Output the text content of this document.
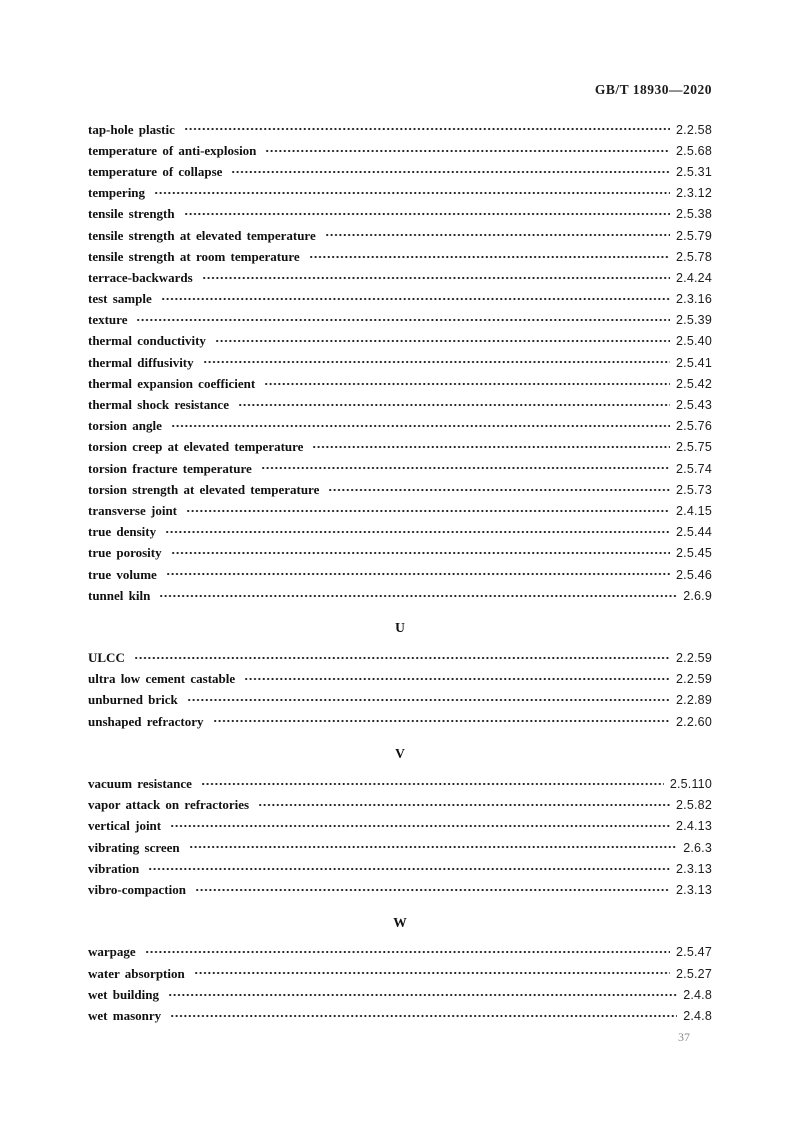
GB/T 18930—2020
tap-hole plastic	2.2.58
temperature of anti-explosion	2.5.68
temperature of collapse	2.5.31
tempering	2.3.12
tensile strength	2.5.38
tensile strength at elevated temperature	2.5.79
tensile strength at room temperature	2.5.78
terrace-backwards	2.4.24
test sample	2.3.16
texture	2.5.39
thermal conductivity	2.5.40
thermal diffusivity	2.5.41
thermal expansion coefficient	2.5.42
thermal shock resistance	2.5.43
torsion angle	2.5.76
torsion creep at elevated temperature	2.5.75
torsion fracture temperature	2.5.74
torsion strength at elevated temperature	2.5.73
transverse joint	2.4.15
true density	2.5.44
true porosity	2.5.45
true volume	2.5.46
tunnel kiln	2.6.9
U
ULCC	2.2.59
ultra low cement castable	2.2.59
unburned brick	2.2.89
unshaped refractory	2.2.60
V
vacuum resistance	2.5.110
vapor attack on refractories	2.5.82
vertical joint	2.4.13
vibrating screen	2.6.3
vibration	2.3.13
vibro-compaction	2.3.13
W
warpage	2.5.47
water absorption	2.5.27
wet building	2.4.8
wet masonry	2.4.8
37
